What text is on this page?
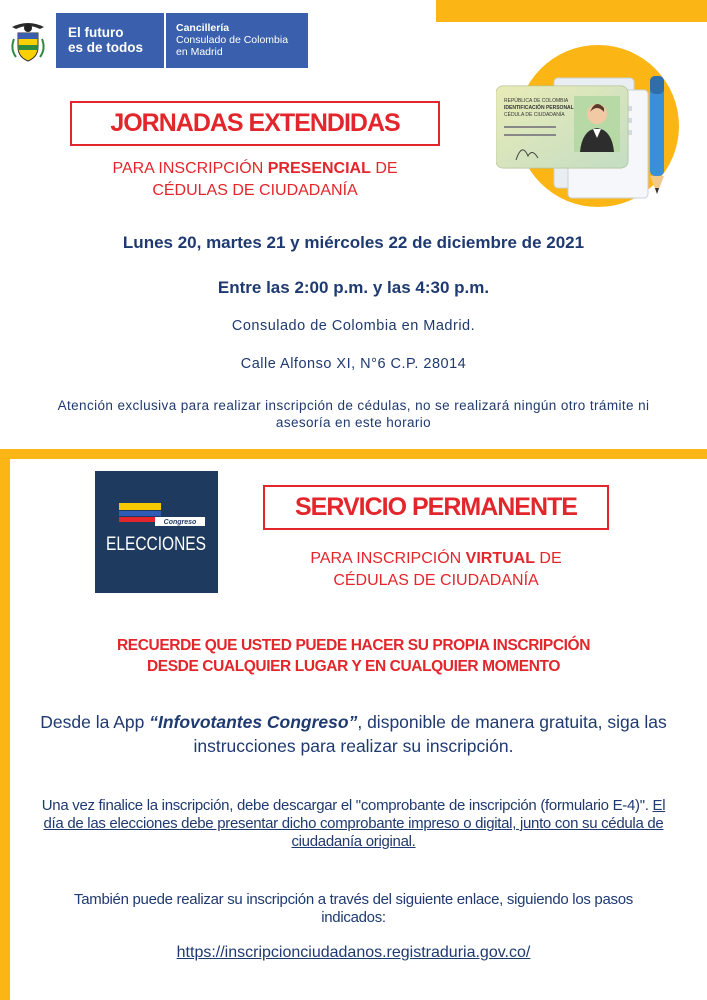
El futuro
es de todos
Cancillería
Consulado de Colombia
en Madrid
REPÚBLICA DE COLOMBIA
IDENTIFICACIÓN PERSONAL
CÉDULA DE CIUDADANÍA
JORNADAS EXTENDIDAS
PARA INSCRIPCIÓN PRESENCIAL DE
CÉDULAS DE CIUDADANÍA
Lunes 20, martes 21 y miércoles 22 de diciembre de 2021
Entre las 2:00 p.m. y las 4:30 p.m.
Consulado de Colombia en Madrid.
Calle Alfonso XI, N°6 C.P. 28014
Atención exclusiva para realizar inscripción de cédulas, no se realizará ningún otro trámite ni asesoría en este horario
Congreso
ELECCIONES
SERVICIO PERMANENTE
PARA INSCRIPCIÓN VIRTUAL DE
CÉDULAS DE CIUDADANÍA
RECUERDE QUE USTED PUEDE HACER SU PROPIA INSCRIPCIÓN
DESDE CUALQUIER LUGAR Y EN CUALQUIER MOMENTO
Desde la App “Infovotantes Congreso”, disponible de manera gratuita, siga las instrucciones para realizar su inscripción.
Una vez finalice la inscripción, debe descargar el "comprobante de inscripción (formulario E-4)". El día de las elecciones debe presentar dicho comprobante impreso o digital, junto con su cédula de ciudadanía original.
También puede realizar su inscripción a través del siguiente enlace, siguiendo los pasos indicados:
https://inscripcionciudadanos.registraduria.gov.co/
